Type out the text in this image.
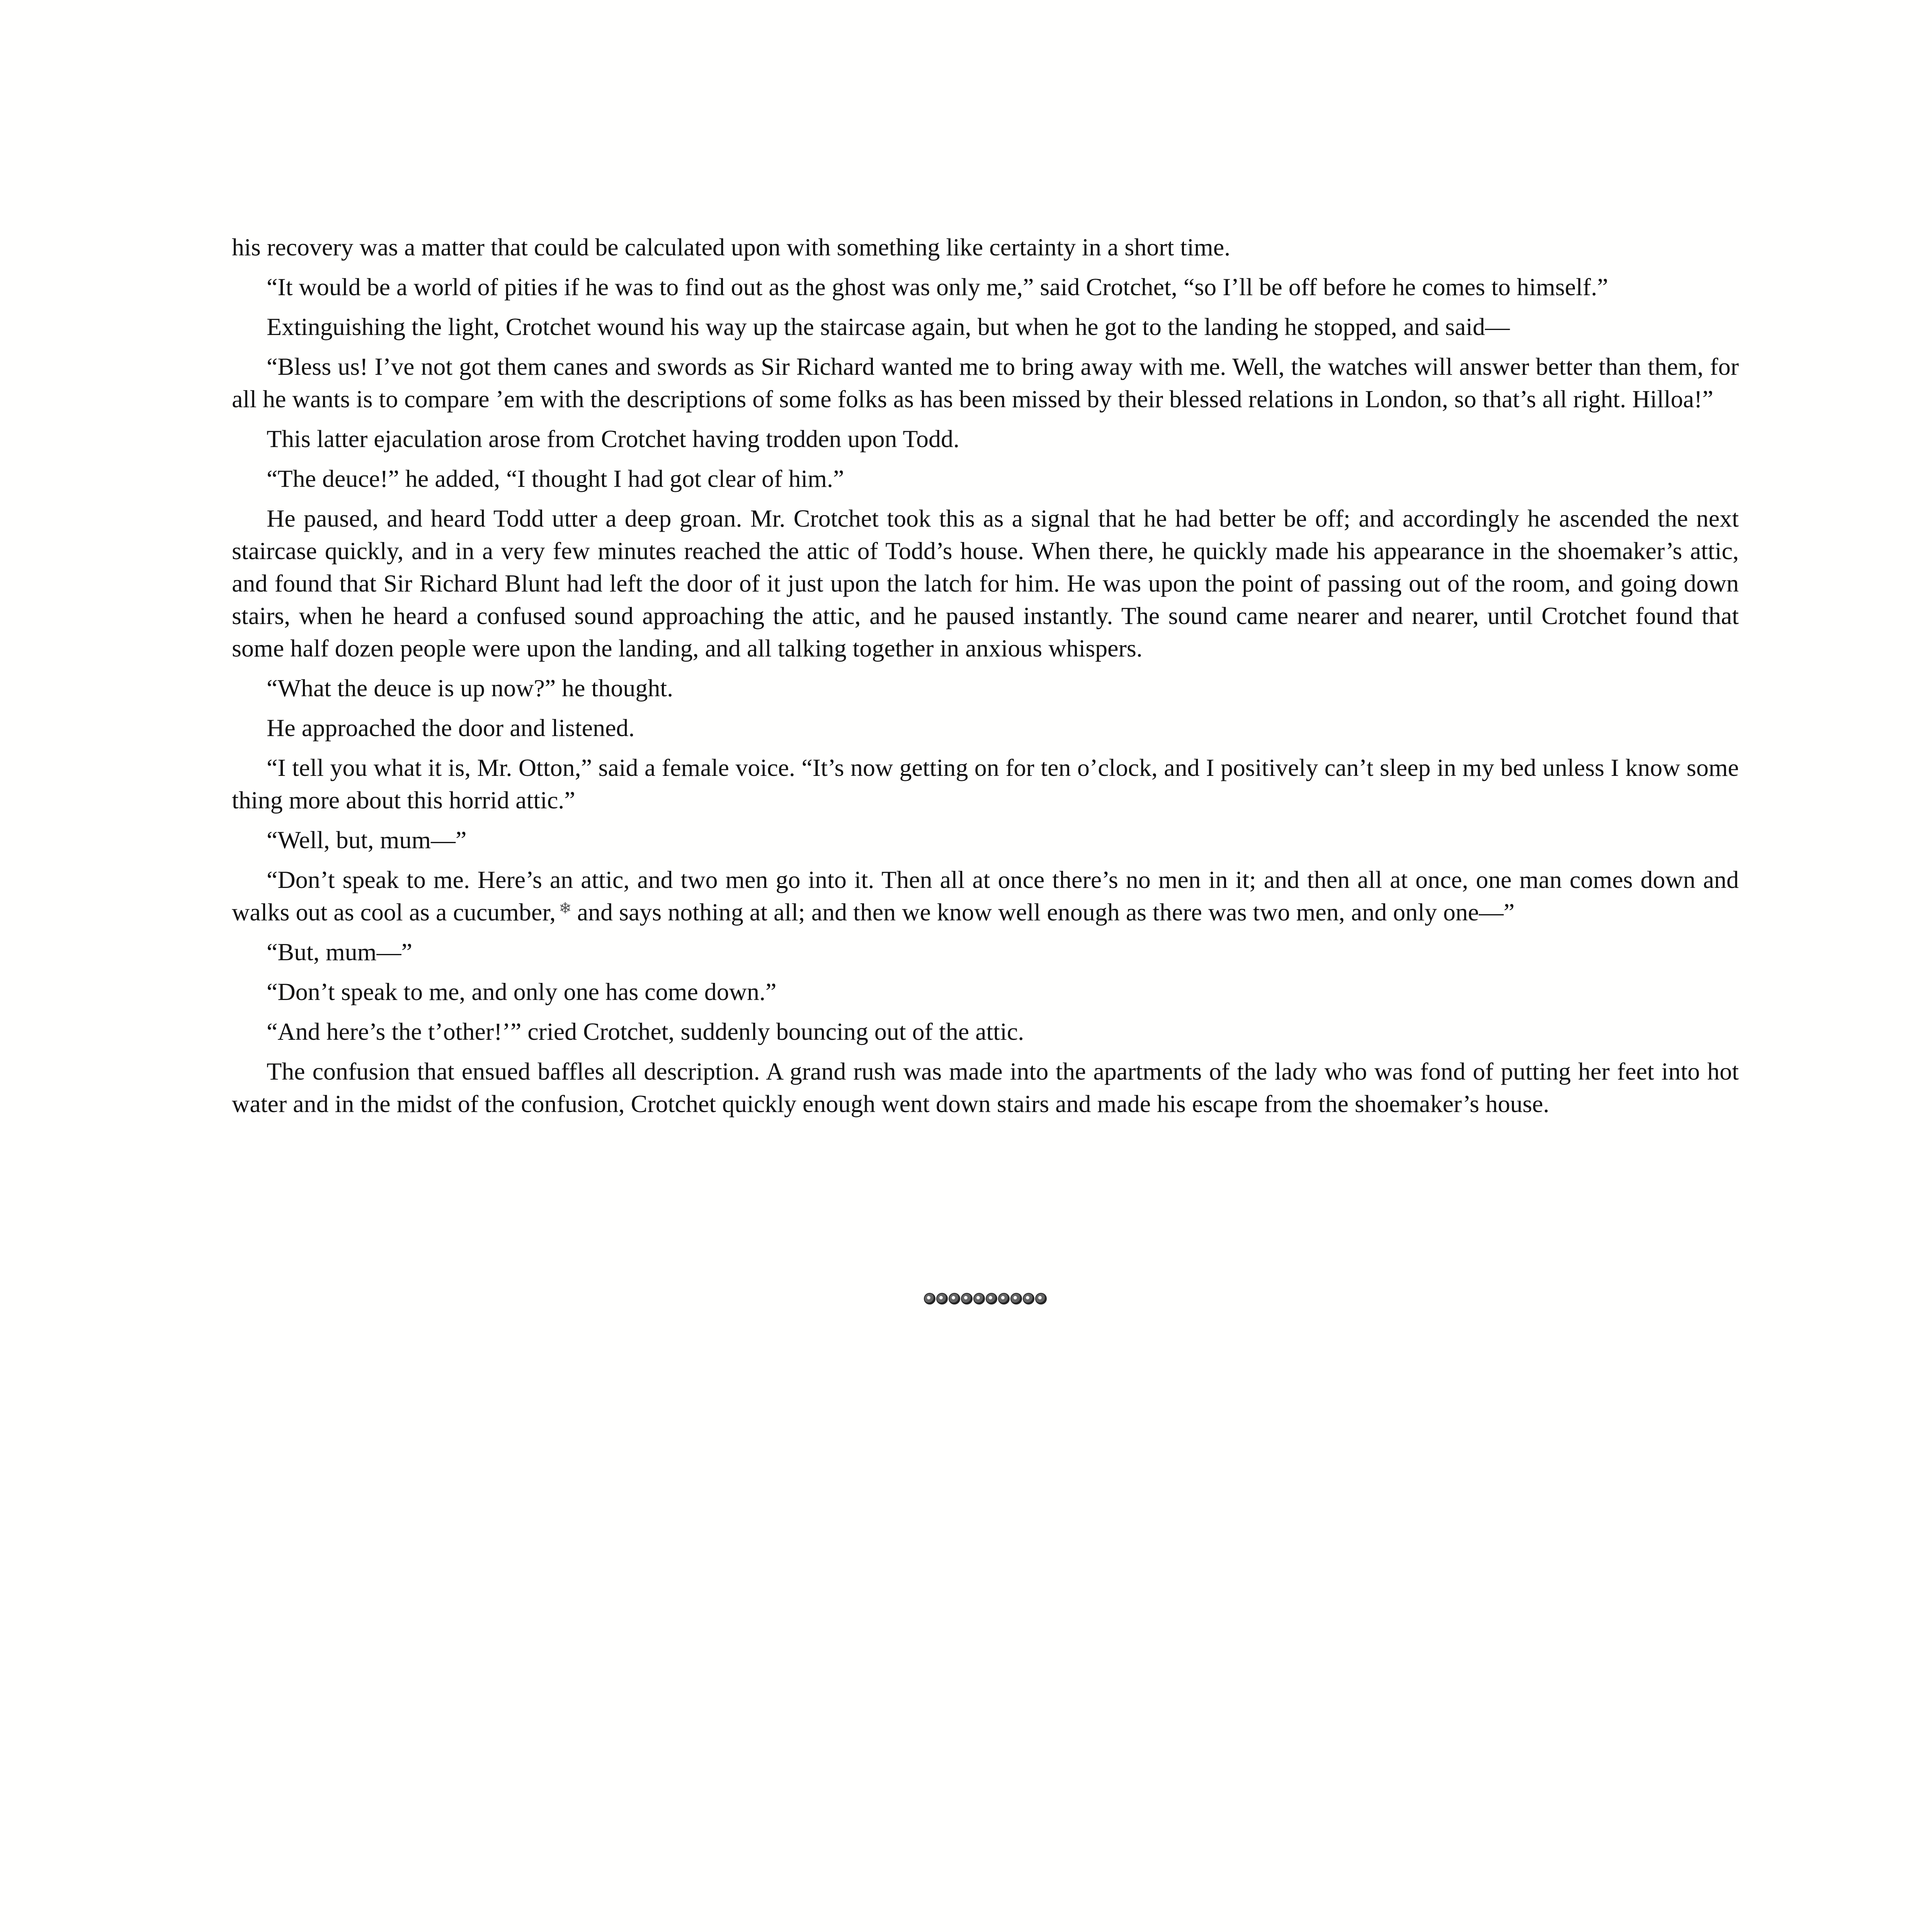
his recovery was a matter that could be calculated upon with something like certainty in a short time.

“It would be a world of pities if he was to find out as the ghost was only me,” said Crotchet, “so I’ll be off before he comes to himself.”

Extinguishing the light, Crotchet wound his way up the staircase again, but when he got to the landing he stopped, and said—

“Bless us! I’ve not got them canes and swords as Sir Richard wanted me to bring away with me. Well, the watches will answer better than them, for all he wants is to compare ’em with the descriptions of some folks as has been missed by their blessed relations in London, so that’s all right. Hilloa!”

This latter ejaculation arose from Crotchet having trodden upon Todd.

“The deuce!” he added, “I thought I had got clear of him.”

He paused, and heard Todd utter a deep groan. Mr. Crotchet took this as a signal that he had better be off; and accordingly he ascended the next staircase quickly, and in a very few minutes reached the attic of Todd’s house. When there, he quickly made his appearance in the shoemaker’s attic, and found that Sir Richard Blunt had left the door of it just upon the latch for him. He was upon the point of passing out of the room, and going down stairs, when he heard a confused sound approaching the attic, and he paused instantly. The sound came nearer and nearer, until Crotchet found that some half dozen people were upon the landing, and all talking together in anxious whispers.

“What the deuce is up now?” he thought.

He approached the door and listened.

“I tell you what it is, Mr. Otton,” said a female voice. “It’s now getting on for ten o’clock, and I positively can’t sleep in my bed unless I know some thing more about this horrid attic.”

“Well, but, mum—”

“Don’t speak to me. Here’s an attic, and two men go into it. Then all at once there’s no men in it; and then all at once, one man comes down and walks out as cool as a cucumber, ❄ and says nothing at all; and then we know well enough as there was two men, and only one—”

“But, mum—”

“Don’t speak to me, and only one has come down.”

“And here’s the t’other!’” cried Crotchet, suddenly bouncing out of the attic.

The confusion that ensued baffles all description. A grand rush was made into the apartments of the lady who was fond of putting her feet into hot water and in the midst of the confusion, Crotchet quickly enough went down stairs and made his escape from the shoemaker’s house.
